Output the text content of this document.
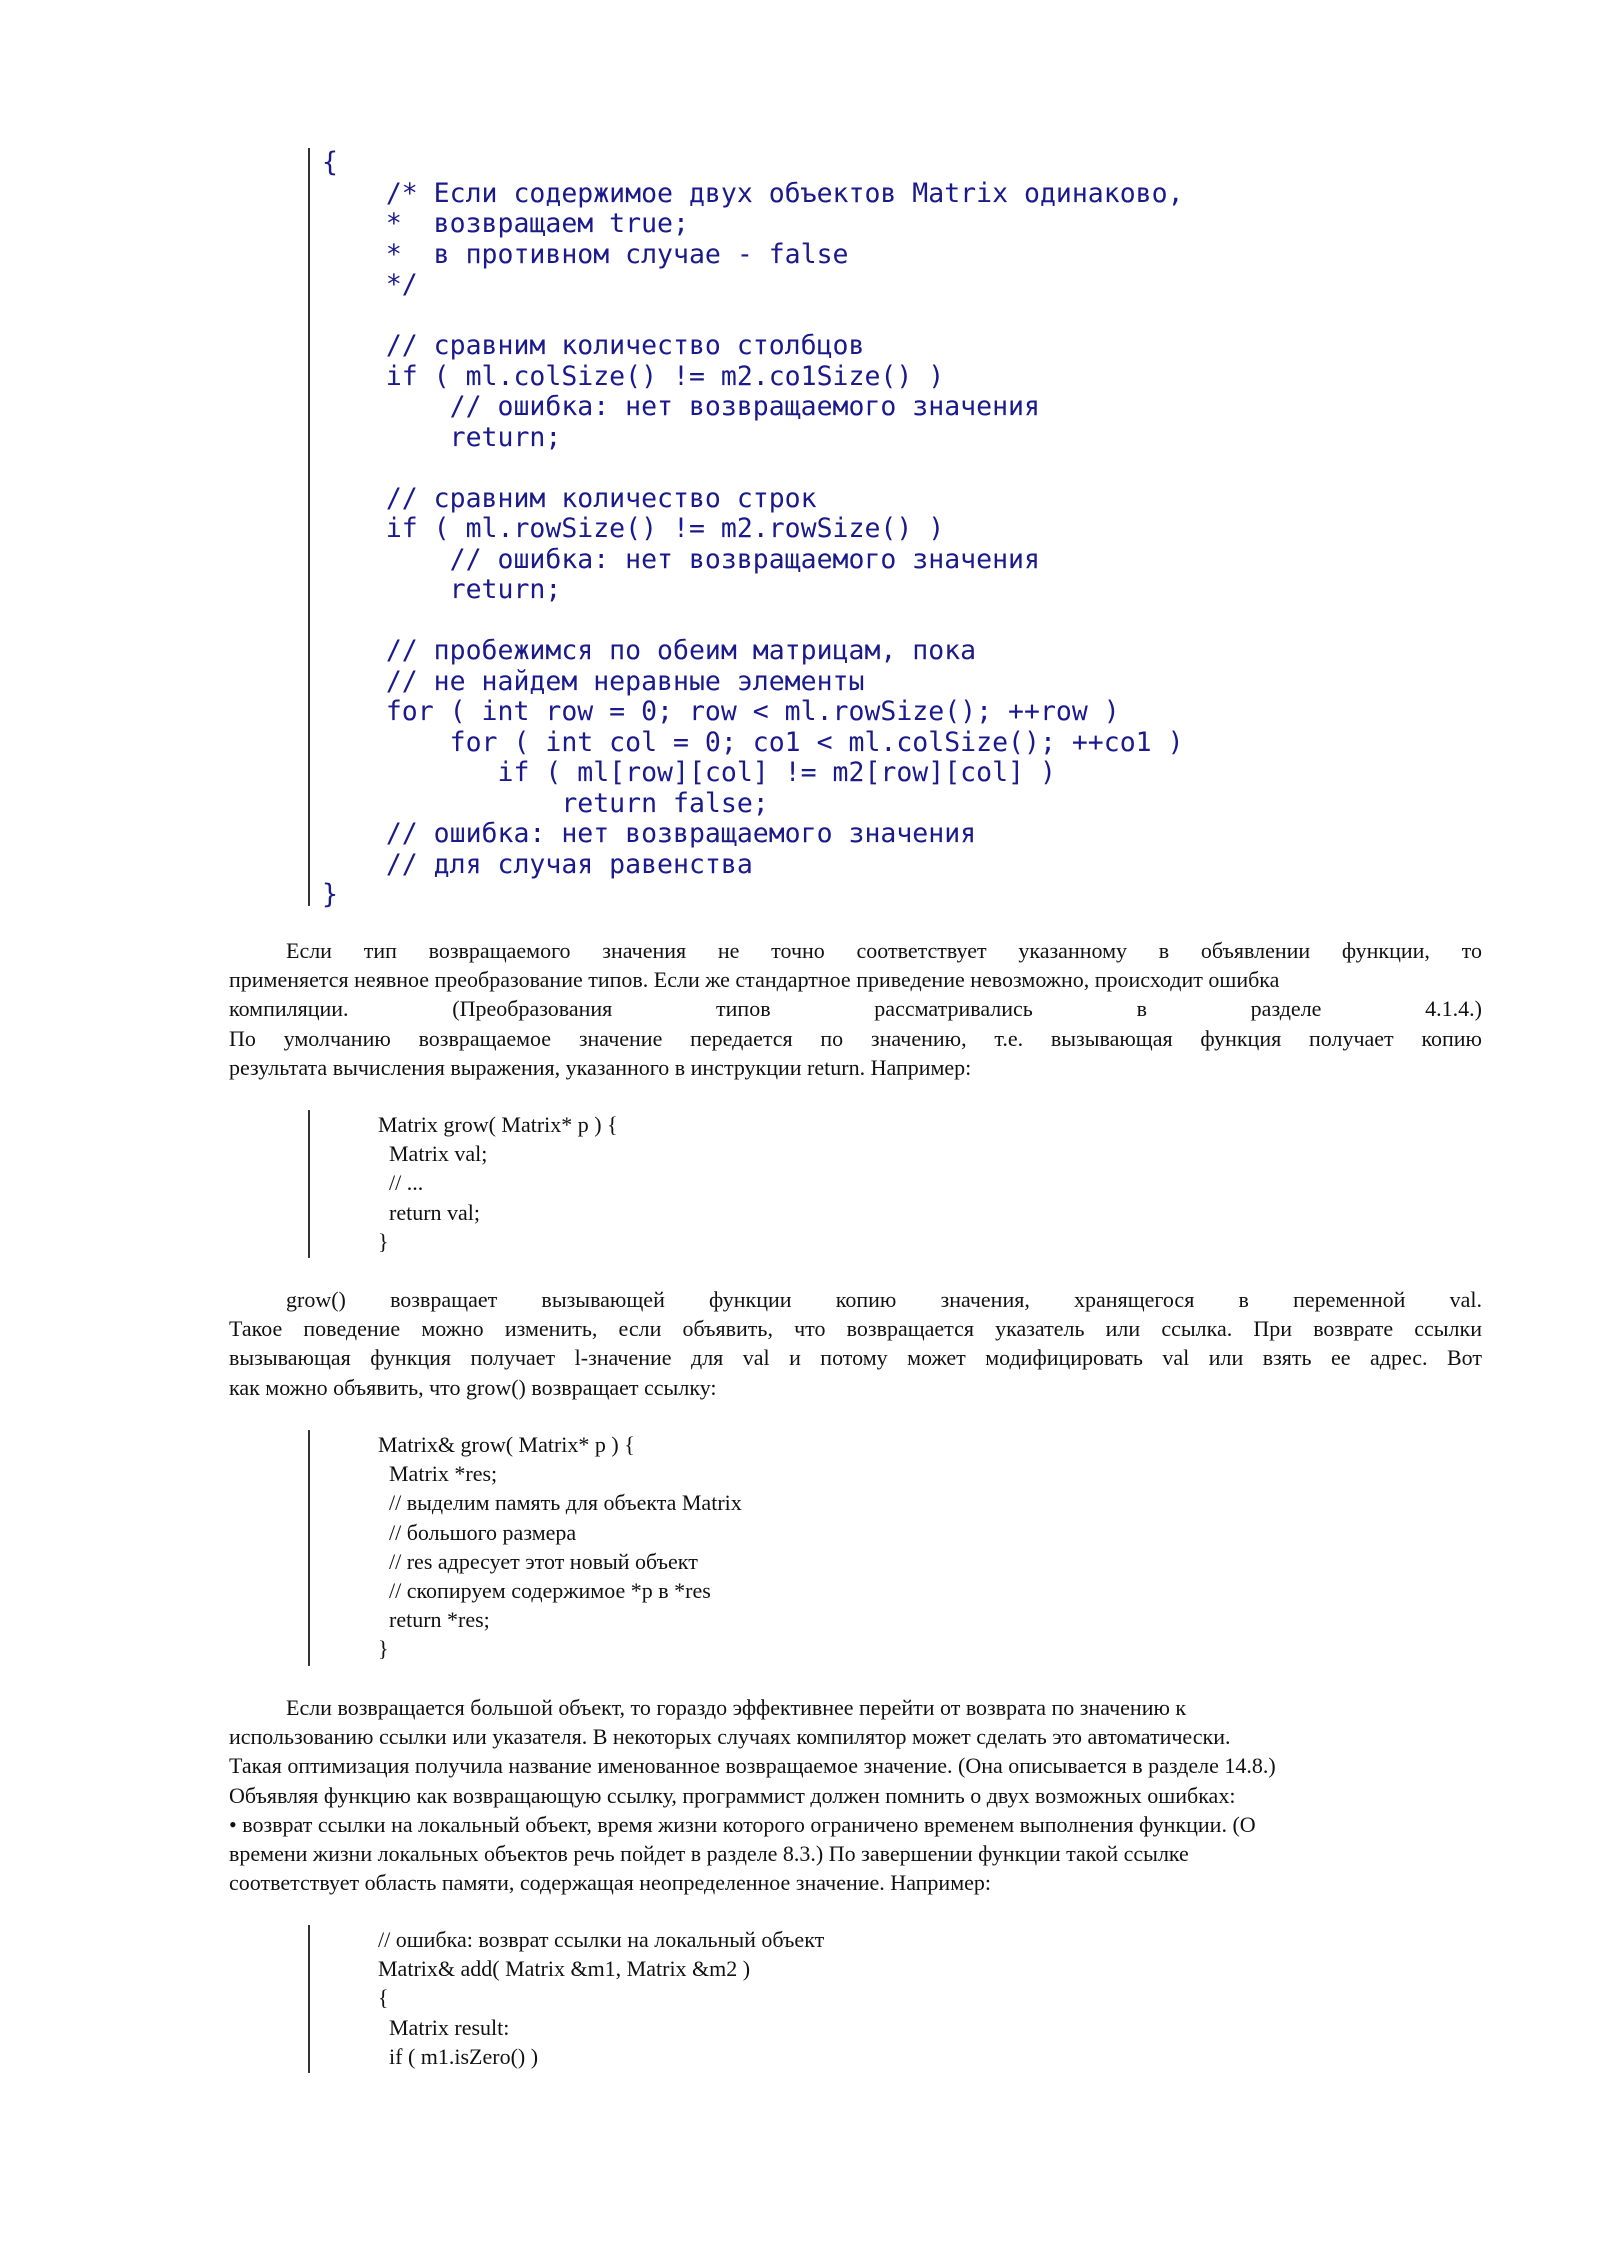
{
/* Если содержимое двух объектов Matrix одинаково,
*  возвращаем true;
*  в противном случае - false
*/

// сравним количество столбцов
if ( ml.colSize() != m2.co1Size() )
// ошибка: нет возвращаемого значения
return;

// сравним количество строк
if ( ml.rowSize() != m2.rowSize() )
// ошибка: нет возвращаемого значения
return;

// пробежимся по обеим матрицам, пока
// не найдем неравные элементы
for ( int row = 0; row < ml.rowSize(); ++row )
for ( int col = 0; co1 < ml.colSize(); ++co1 )
if ( ml[row][col] != m2[row][col] )
return false;
// ошибка: нет возвращаемого значения
// для случая равенства
}

Если тип возвращаемого значения не точно соответствует указанному в объявлении функции, то

применяется неявное преобразование типов. Если же стандартное приведение невозможно, происходит ошибка

компиляции. (Преобразования типов рассматривались в разделе 4.1.4.)

По умолчанию возвращаемое значение передается по значению, т.е. вызывающая функция получает копию

результата вычисления выражения, указанного в инструкции return. Например:

Matrix grow( Matrix* p ) {
Matrix val;
// ...
return val;
}

grow() возвращает вызывающей функции копию значения, хранящегося в переменной val.

Такое поведение можно изменить, если объявить, что возвращается указатель или ссылка. При возврате ссылки

вызывающая функция получает l-значение для val и потому может модифицировать val или взять ее адрес. Вот

как можно объявить, что grow() возвращает ссылку:

Matrix& grow( Matrix* p ) {
Matrix *res;
// выделим память для объекта Matrix
// большого размера
// res адресует этот новый объект
// скопируем содержимое *p в *res
return *res;
}

Если возвращается большой объект, то гораздо эффективнее перейти от возврата по значению к

использованию ссылки или указателя. В некоторых случаях компилятор может сделать это автоматически.

Такая оптимизация получила название именованное возвращаемое значение. (Она описывается в разделе 14.8.)

Объявляя функцию как возвращающую ссылку, программист должен помнить о двух возможных ошибках:

• возврат ссылки на локальный объект, время жизни которого ограничено временем выполнения функции. (О

времени жизни локальных объектов речь пойдет в разделе 8.3.) По завершении функции такой ссылке

соответствует область памяти, содержащая неопределенное значение. Например:

// ошибка: возврат ссылки на локальный объект
Matrix& add( Matrix &m1, Matrix &m2 )
{
Matrix result:
if ( m1.isZero() )
